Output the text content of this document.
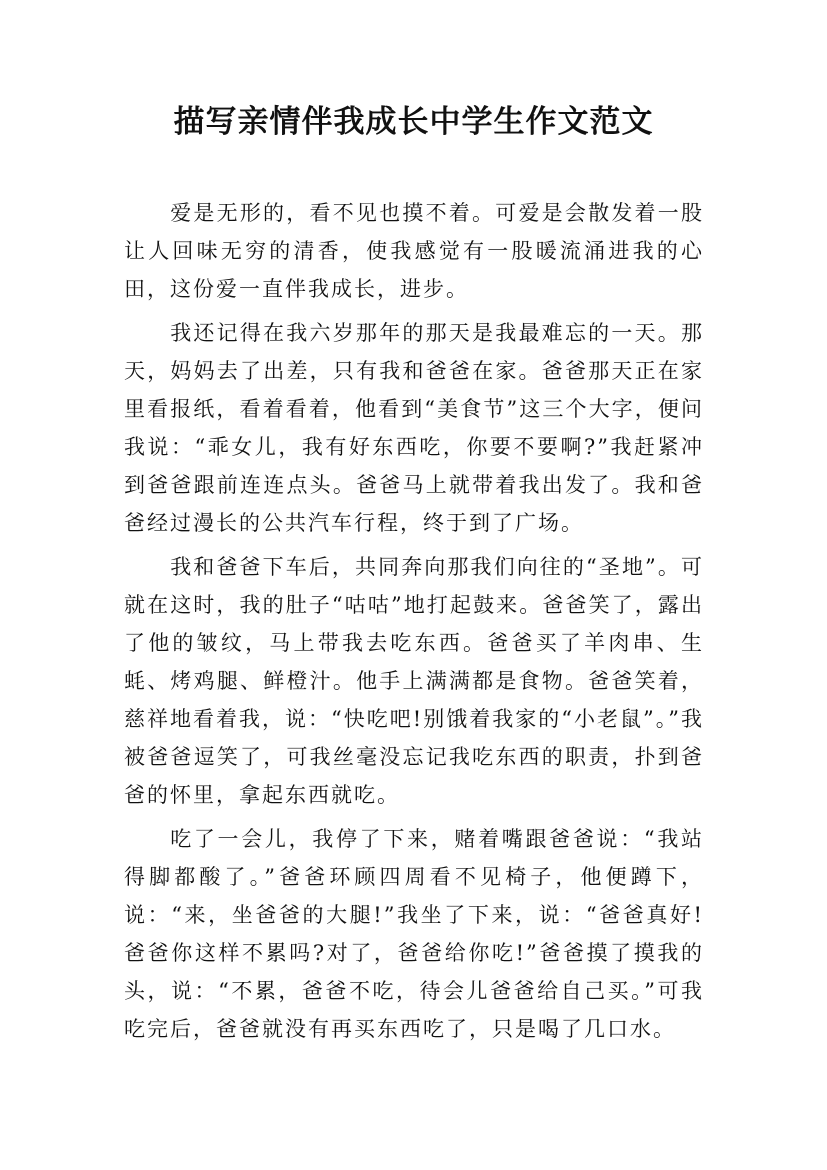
描写亲情伴我成长中学生作文范文

爱是无形的，看不见也摸不着。可爱是会散发着一股让人回味无穷的清香，使我感觉有一股暖流涌进我的心田，这份爱一直伴我成长，进步。

我还记得在我六岁那年的那天是我最难忘的一天。那天，妈妈去了出差，只有我和爸爸在家。爸爸那天正在家里看报纸，看着看着，他看到“美食节”这三个大字，便问我说：“乖女儿，我有好东西吃，你要不要啊?”我赶紧冲到爸爸跟前连连点头。爸爸马上就带着我出发了。我和爸爸经过漫长的公共汽车行程，终于到了广场。

我和爸爸下车后，共同奔向那我们向往的“圣地”。可就在这时，我的肚子“咕咕”地打起鼓来。爸爸笑了，露出了他的皱纹，马上带我去吃东西。爸爸买了羊肉串、生蚝、烤鸡腿、鲜橙汁。他手上满满都是食物。爸爸笑着，慈祥地看着我，说：“快吃吧!别饿着我家的“小老鼠”。”我被爸爸逗笑了，可我丝毫没忘记我吃东西的职责，扑到爸爸的怀里，拿起东西就吃。

吃了一会儿，我停了下来，赌着嘴跟爸爸说：“我站得脚都酸了。”爸爸环顾四周看不见椅子，他便蹲下，说：“来，坐爸爸的大腿!”我坐了下来，说：“爸爸真好!爸爸你这样不累吗?对了，爸爸给你吃!”爸爸摸了摸我的头，说：“不累，爸爸不吃，待会儿爸爸给自己买。”可我吃完后，爸爸就没有再买东西吃了，只是喝了几口水。
